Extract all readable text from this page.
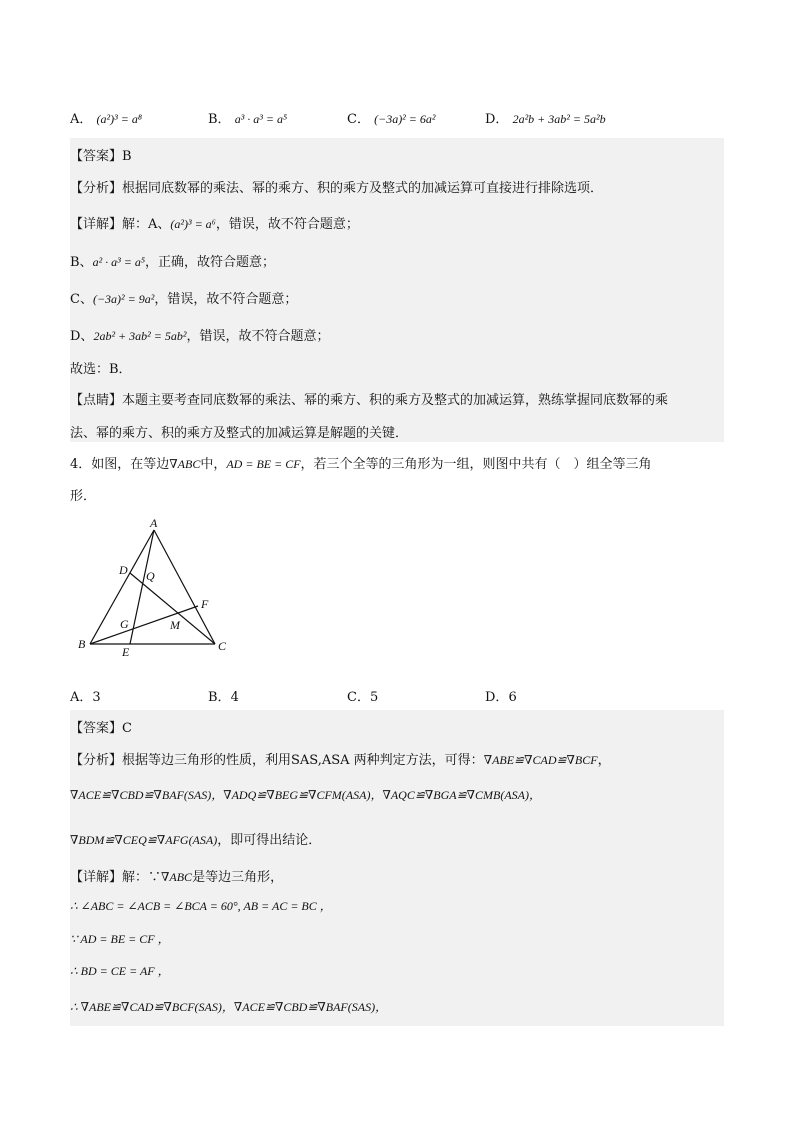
A． (a²)³ = a⁸	B． a³ · a³ = a⁵	C． (−3a)² = 6a²	D． 2a²b + 3ab² = 5a²b
【答案】B
【分析】根据同底数幂的乘法、幂的乘方、积的乘方及整式的加减运算可直接进行排除选项．
【详解】解：A、(a²)³ = a⁶，错误，故不符合题意；
B、a² · a³ = a⁵，正确，故符合题意；
C、(−3a)² = 9a²，错误，故不符合题意；
D、2ab² + 3ab² = 5ab²，错误，故不符合题意；
故选：B．
【点睛】本题主要考查同底数幂的乘法、幂的乘方、积的乘方及整式的加减运算，熟练掌握同底数幂的乘
法、幂的乘方、积的乘方及整式的加减运算是解题的关键．
4．如图，在等边∇ABC中，AD = BE = CF，若三个全等的三角形为一组，则图中共有（　）组全等三角
形．
A
B	C
D
E
F
G	M
Q
A．3	B．4	C．5	D．6
【答案】C
【分析】根据等边三角形的性质，利用SAS,ASA 两种判定方法，可得：∇ABE≌∇CAD≌∇BCF，
∇ACE≌∇CBD≌∇BAF(SAS)，∇ADQ≌∇BEG≌∇CFM(ASA)，∇AQC≌∇BGA≌∇CMB(ASA)，
∇BDM≌∇CEQ≌∇AFG(ASA)，即可得出结论．
【详解】解：∵∇ABC是等边三角形，
∴ ∠ABC = ∠ACB = ∠BCA = 60°, AB = AC = BC ，
∵ AD = BE = CF ，
∴ BD = CE = AF ，
∴ ∇ABE≌∇CAD≌∇BCF(SAS)，∇ACE≌∇CBD≌∇BAF(SAS)，
